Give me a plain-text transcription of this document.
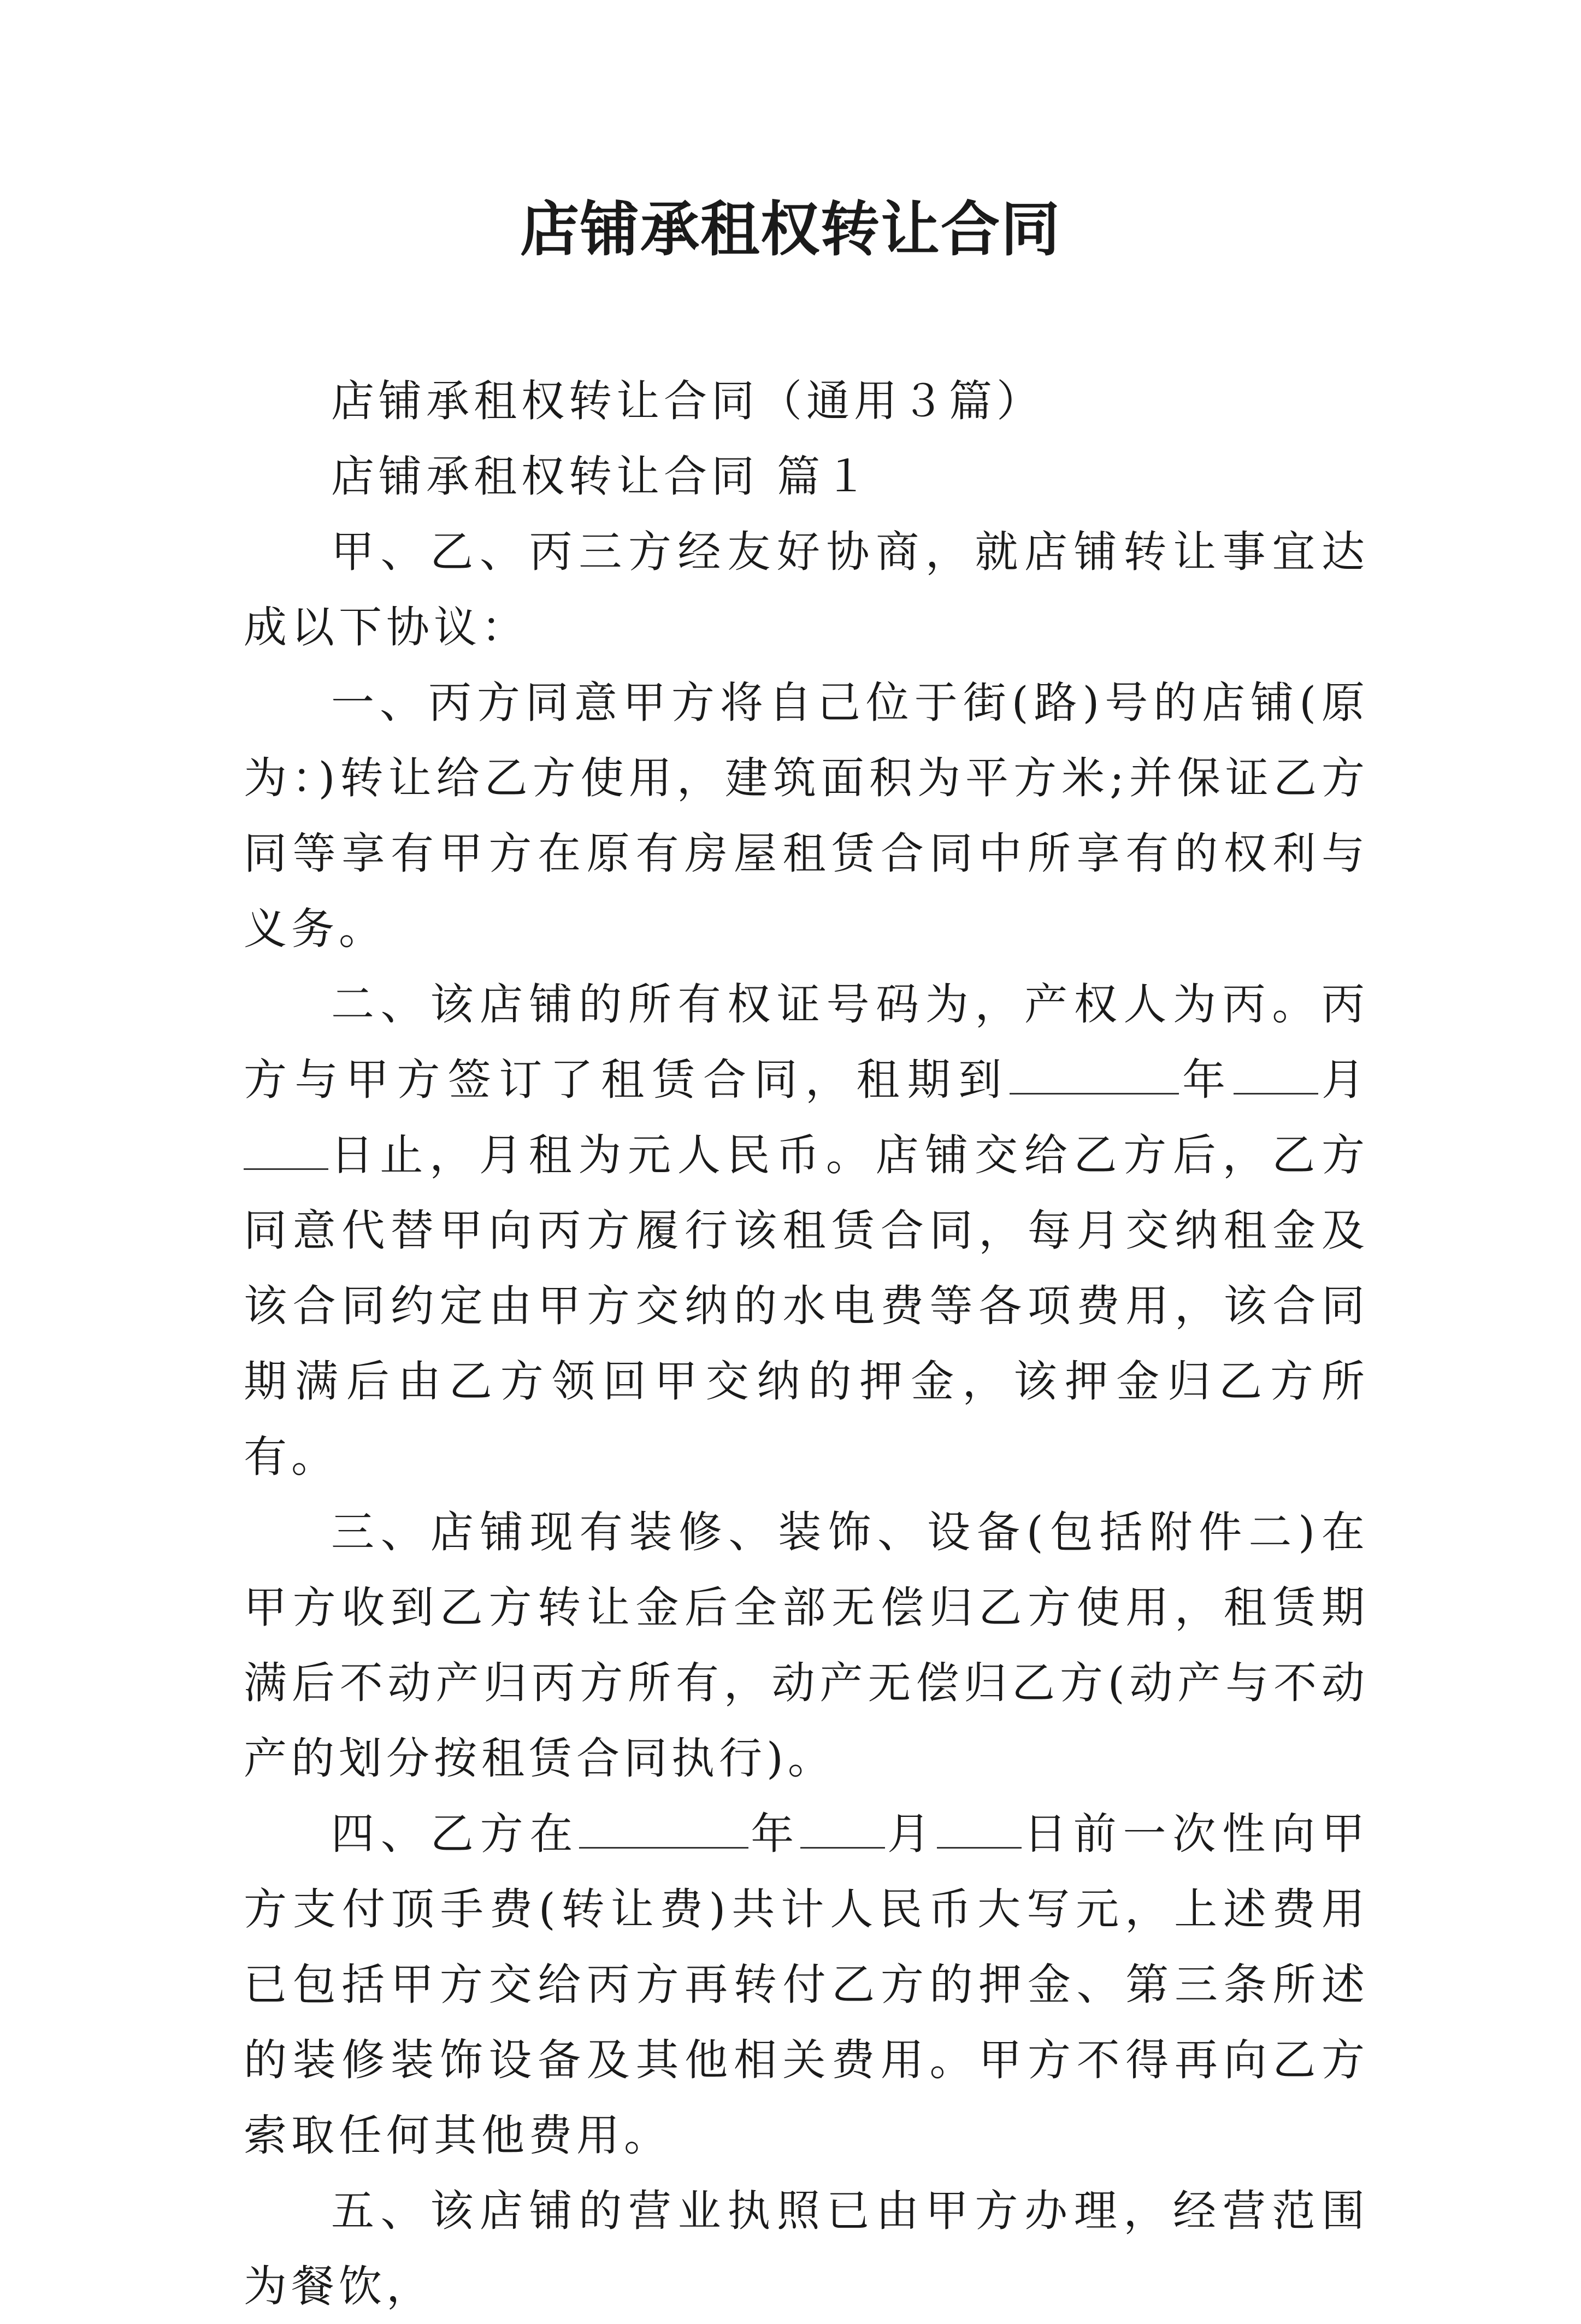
店铺承租权转让合同

店铺承租权转让合同（通用３篇）

店铺承租权转让合同 篇１

甲、乙、丙三方经友好协商，就店铺转让事宜达成以下协议：

一、丙方同意甲方将自己位于街(路)号的店铺(原为：)转让给乙方使用，建筑面积为平方米;并保证乙方同等享有甲方在原有房屋租赁合同中所享有的权利与义务。

二、该店铺的所有权证号码为，产权人为丙。丙方与甲方签订了租赁合同，租期到	年 月日止，月租为元人民币。店铺交给乙方后，乙方同意代替甲向丙方履行该租赁合同，每月交纳租金及该合同约定由甲方交纳的水电费等各项费用，该合同期满后由乙方领回甲交纳的押金，该押金归乙方所有。

三、店铺现有装修、装饰、设备(包括附件二)在甲方收到乙方转让金后全部无偿归乙方使用，租赁期满后不动产归丙方所有，动产无偿归乙方(动产与不动产的划分按租赁合同执行)。

四、乙方在	年 月 日前一次性向甲方支付顶手费(转让费)共计人民币大写元，上述费用已包括甲方交给丙方再转付乙方的押金、第三条所述的装修装饰设备及其他相关费用。甲方不得再向乙方索取任何其他费用。

五、该店铺的营业执照已由甲方办理，经营范围为餐饮，
